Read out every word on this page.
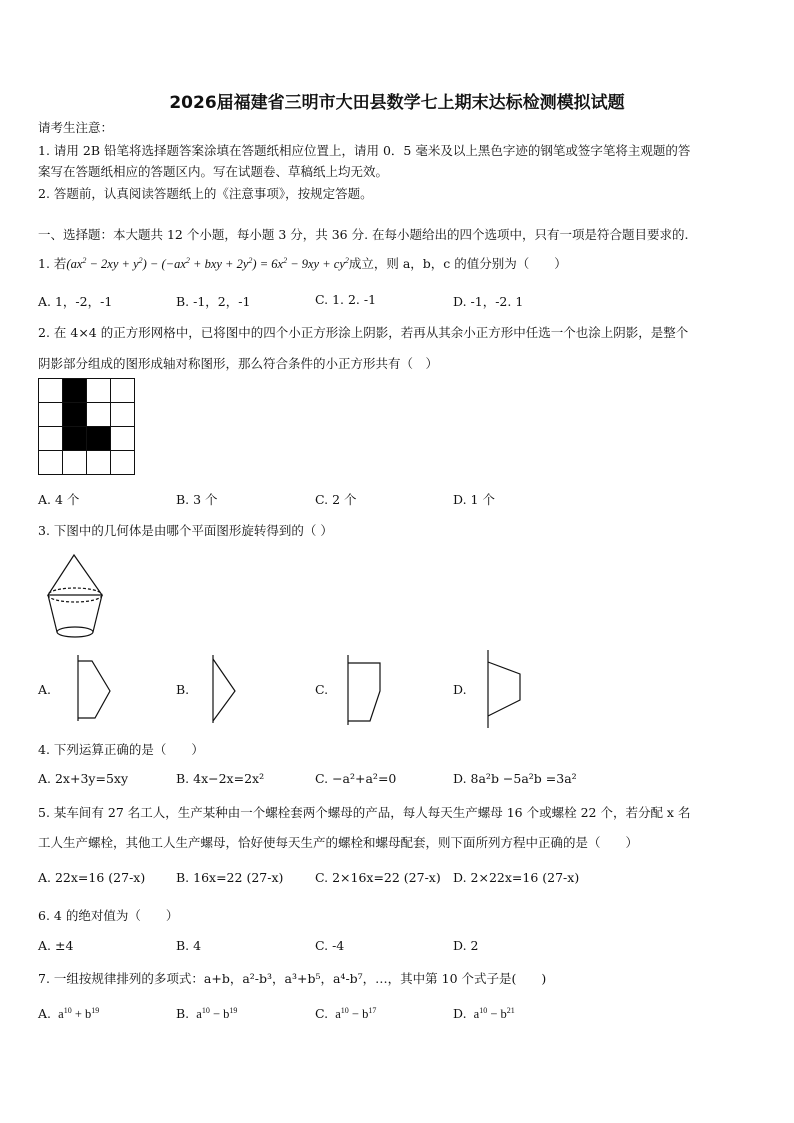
2026届福建省三明市大田县数学七上期末达标检测模拟试题
请考生注意：
1. 请用 2B 铅笔将选择题答案涂填在答题纸相应位置上，请用 0．5 毫米及以上黑色字迹的钢笔或签字笔将主观题的答
案写在答题纸相应的答题区内。写在试题卷、草稿纸上均无效。
2. 答题前，认真阅读答题纸上的《注意事项》，按规定答题。
一、选择题：本大题共 12 个小题，每小题 3 分，共 36 分. 在每小题给出的四个选项中，只有一项是符合题目要求的.
1. 若$(ax^2 - 2xy + y^2) - (-ax^2$ + bxy + $2y^2) = 6x^2 - 9xy + cy^2$成立，则 a，b，c 的值分别为（　　）
A. 1，-2，-1	B. -1，2，-1	C. 1. 2. -1	D. -1，-2. 1
2. 在 4×4 的正方形网格中，已将图中的四个小正方形涂上阴影，若再从其余小正方形中任选一个也涂上阴影，是整个
阴影部分组成的图形成轴对称图形，那么符合条件的小正方形共有（　）

A. 4 个	B. 3 个	C. 2 个	D. 1 个
3. 下图中的几何体是由哪个平面图形旋转得到的（ ）
A.	B.	C.	D.
4. 下列运算正确的是（　　）
A. 2x+3y=5xy	B. 4x−2x=2x²	C. −a²+a²=0	D. 8a²b −5a²b =3a²
5. 某车间有 27 名工人，生产某种由一个螺栓套两个螺母的产品，每人每天生产螺母 16 个或螺栓 22 个，若分配 x 名
工人生产螺栓，其他工人生产螺母，恰好使每天生产的螺栓和螺母配套，则下面所列方程中正确的是（　　）
A. 22x=16 (27-x) B. 16x=22 (27-x)	C. 2×16x=22 (27-x) D. 2×22x=16 (27-x)
6. 4 的绝对值为（　　）
A. ±4	B. 4	C. -4	D. 2
7. 一组按规律排列的多项式：a+b，a²-b³，a³+b⁵，a⁴-b⁷，…，其中第 10 个式子是(　　)
A.  $a^{10} + b^{19}$	B.  $a^{10} - b^{19}$	C.  $a^{10} - b^{17}$	D.  $a^{10} - b^{21}$
